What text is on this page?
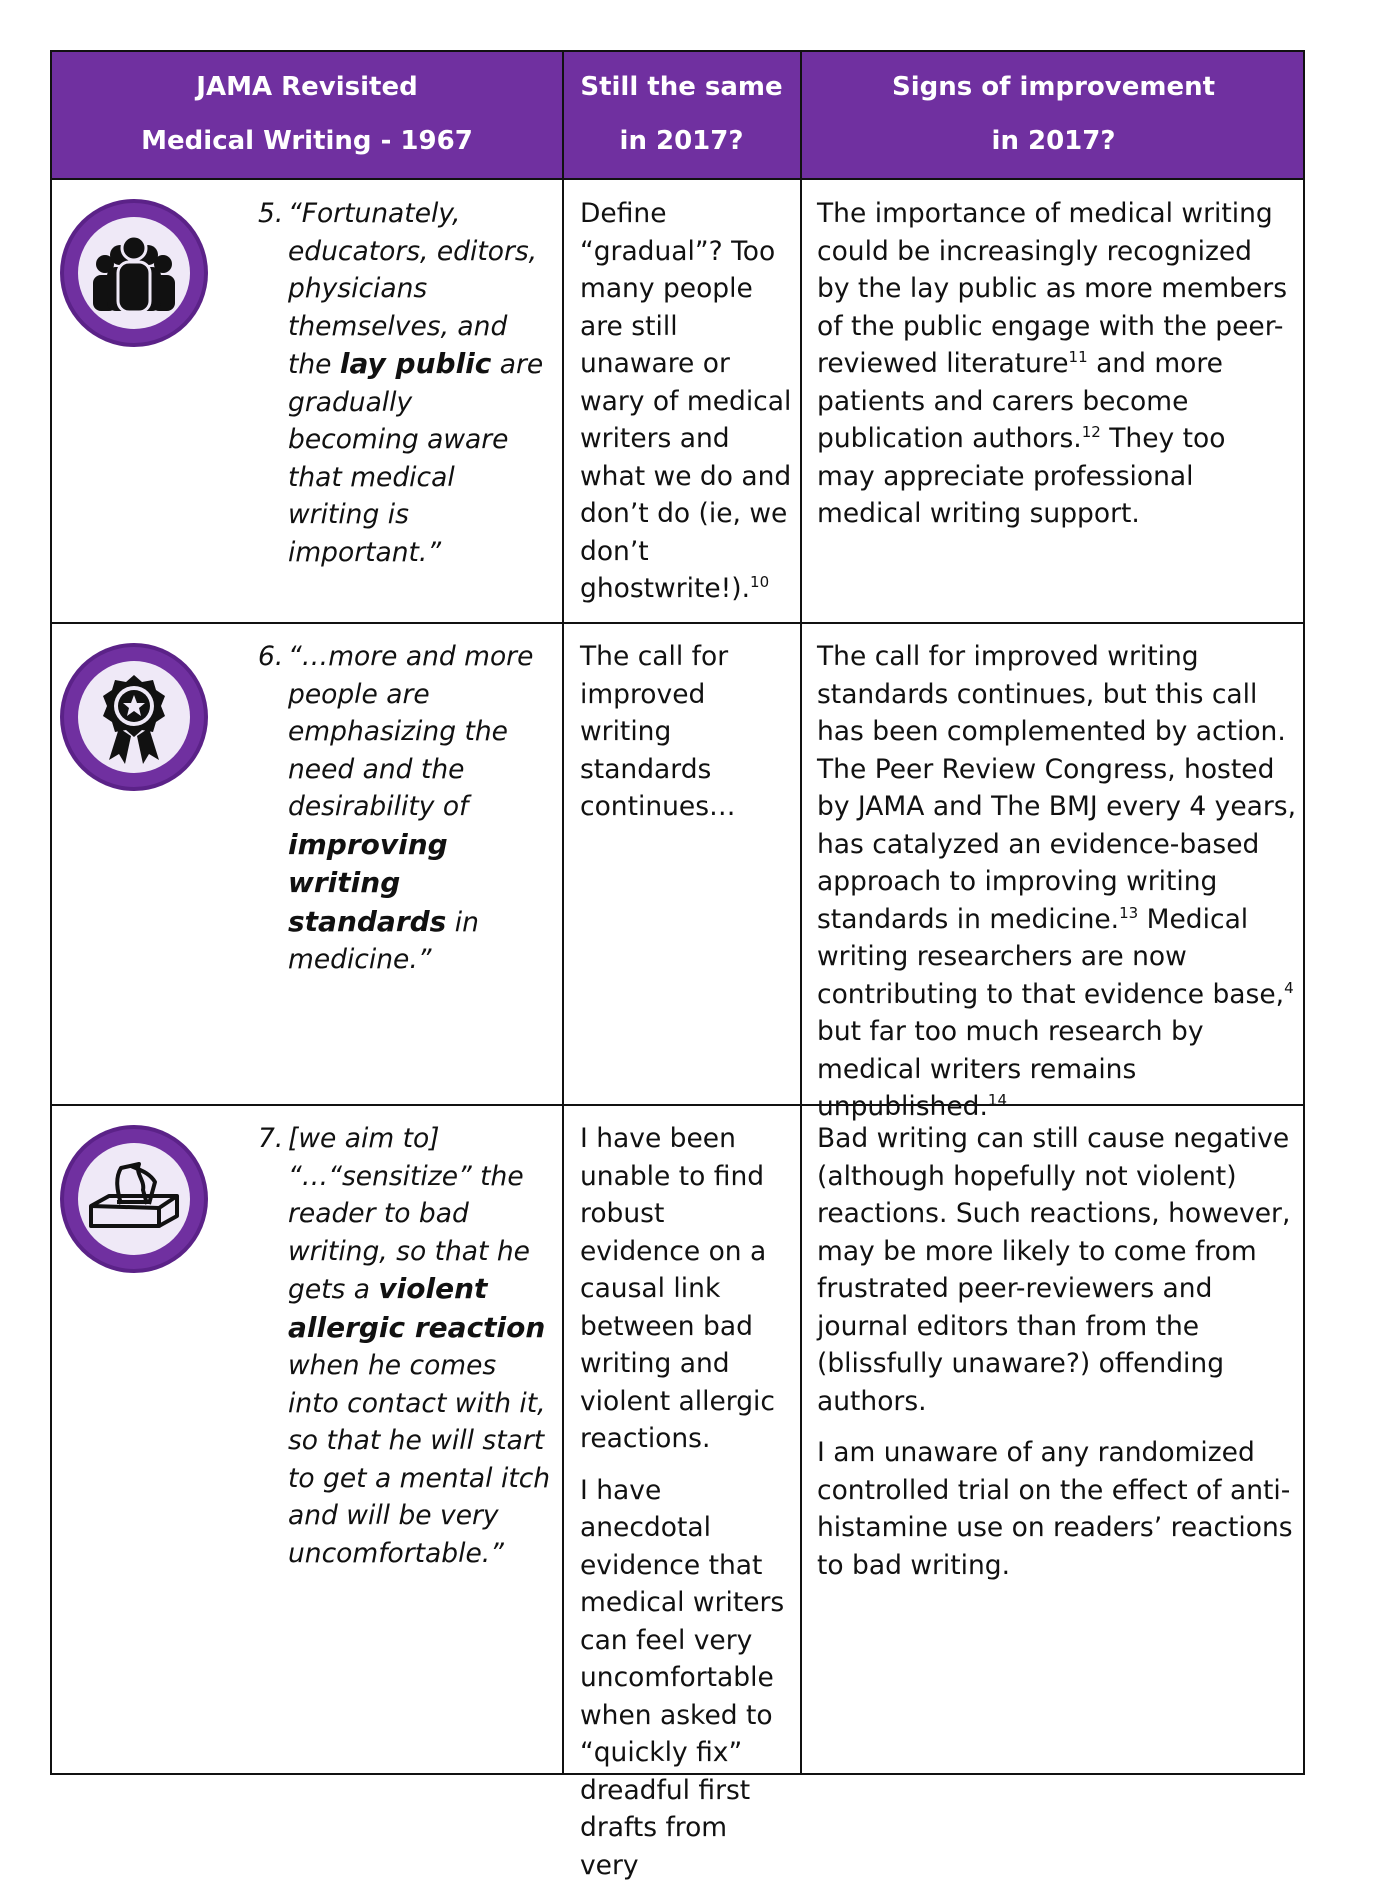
JAMA Revisited
Medical Writing - 1967
Still the same
in 2017?
Signs of improvement
in 2017?
5. “Fortunately, educators, editors, physicians themselves, and the lay public are gradually becoming aware that medical writing is important.”

Define “gradual”? Too many people are still unaware or wary of medical writers and what we do and don’t do (ie, we don’t ghostwrite!).$^{10}$

The importance of medical writing could be increasingly recognized by the lay public as more members of the public engage with the peer-reviewed literature$^{11}$ and more patients and carers become publication authors.$^{12}$ They too may appreciate professional medical writing support.

6. “…more and more people are emphasizing the need and the desirability of improving writing standards in medicine.”

The call for improved writing standards continues…

The call for improved writing standards continues, but this call has been complemented by action. The Peer Review Congress, hosted by JAMA and The BMJ every 4 years, has catalyzed an evidence-based approach to improving writing standards in medicine.$^{13}$ Medical writing researchers are now contributing to that evidence base,$^4$ but far too much research by medical writers remains unpublished.$^{14}$

7. [we aim to] “…“sensitize” the reader to bad writing, so that he gets a violent allergic reaction when he comes into contact with it, so that he will start to get a mental itch and will be very uncomfortable.”

I have been unable to find robust evidence on a causal link between bad writing and violent allergic reactions.

I have anecdotal evidence that medical writers can feel very uncomfortable when asked to “quickly fix” dreadful first drafts from very

Bad writing can still cause negative (although hopefully not violent) reactions. Such reactions, however, may be more likely to come from frustrated peer-reviewers and journal editors than from the (blissfully unaware?) offending authors.

I am unaware of any randomized controlled trial on the effect of anti-histamine use on readers’ reactions to bad writing.
